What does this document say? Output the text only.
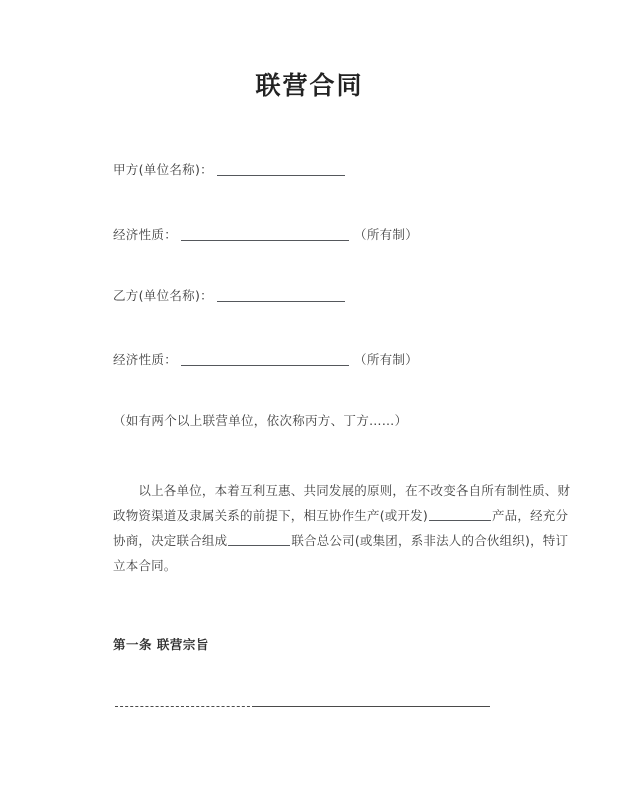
联营合同
甲方(单位名称)：
经济性质：	（所有制）
乙方(单位名称)：
经济性质：	（所有制）
（如有两个以上联营单位，依次称丙方、丁方……）
　　以上各单位，本着互利互惠、共同发展的原则，在不改变各自所有制性质、财
政物资渠道及隶属关系的前提下，相互协作生产(或开发)	产品，经充分
协商，决定联合组成	联合总公司(或集团，系非法人的合伙组织)，特订
立本合同。
第一条 联营宗旨
